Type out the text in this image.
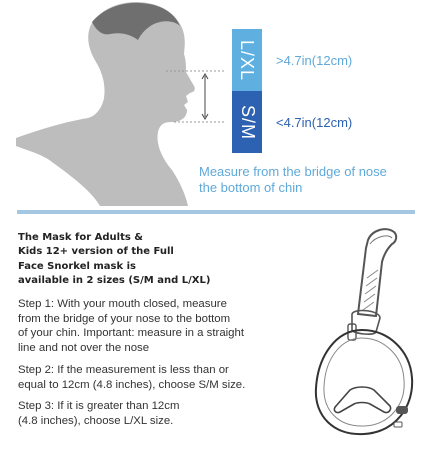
L/XL
S/M
>4.7in(12cm)
<4.7in(12cm)
Measure from the bridge of nose
the bottom of chin
The Mask for Adults &
Kids 12+ version of the Full
Face Snorkel mask is
available in 2 sizes (S/M and L/XL)
Step 1: With your mouth closed, measure
from the bridge of your nose to the bottom
of your chin. Important: measure in a straight
line and not over the nose
Step 2: If the measurement is less than or
equal to 12cm (4.8 inches), choose S/M size.
Step 3: If it is greater than 12cm
(4.8 inches), choose L/XL size.
